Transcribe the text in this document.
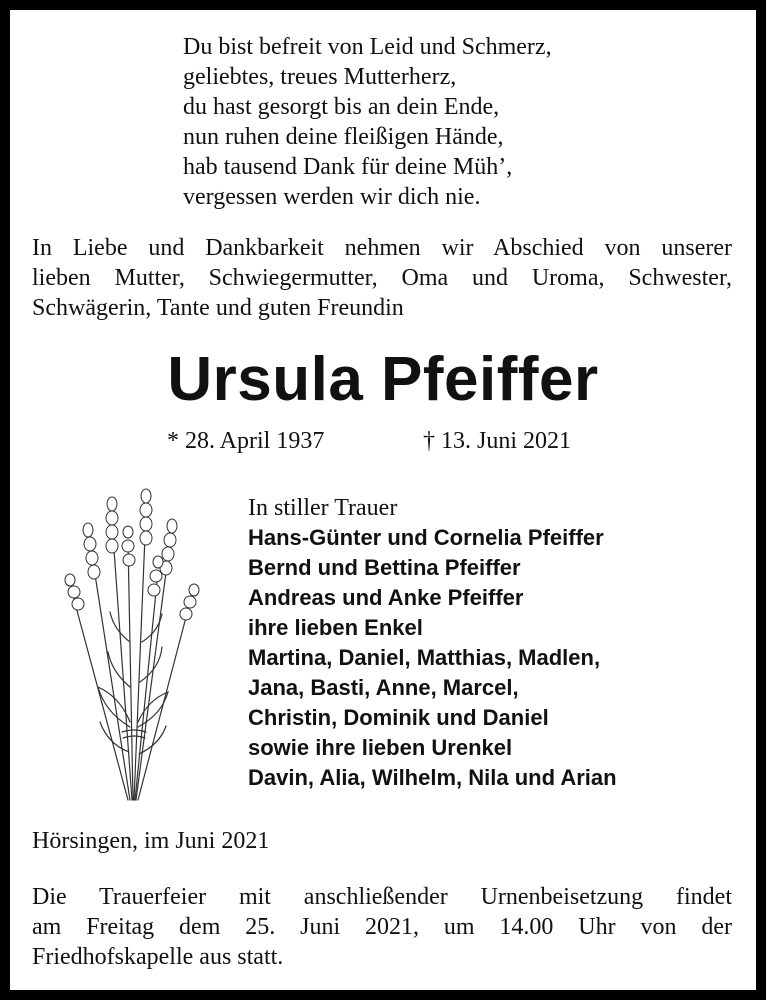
Du bist befreit von Leid und Schmerz,
geliebtes, treues Mutterherz,
du hast gesorgt bis an dein Ende,
nun ruhen deine fleißigen Hände,
hab tausend Dank für deine Müh’,
vergessen werden wir dich nie.
In Liebe und Dankbarkeit nehmen wir Abschied von unserer
lieben Mutter, Schwiegermutter, Oma und Uroma, Schwester,
Schwägerin, Tante und guten Freundin
Ursula Pfeiffer
* 28. April 1937	† 13. Juni 2021
In stiller Trauer
Hans-Günter und Cornelia Pfeiffer
Bernd und Bettina Pfeiffer
Andreas und Anke Pfeiffer
ihre lieben Enkel
Martina, Daniel, Matthias, Madlen,
Jana, Basti, Anne, Marcel,
Christin, Dominik und Daniel
sowie ihre lieben Urenkel
Davin, Alia, Wilhelm, Nila und Arian
Hörsingen, im Juni 2021
Die Trauerfeier mit anschließender Urnenbeisetzung findet
am Freitag dem 25. Juni 2021, um 14.00 Uhr von der
Friedhofskapelle aus statt.
